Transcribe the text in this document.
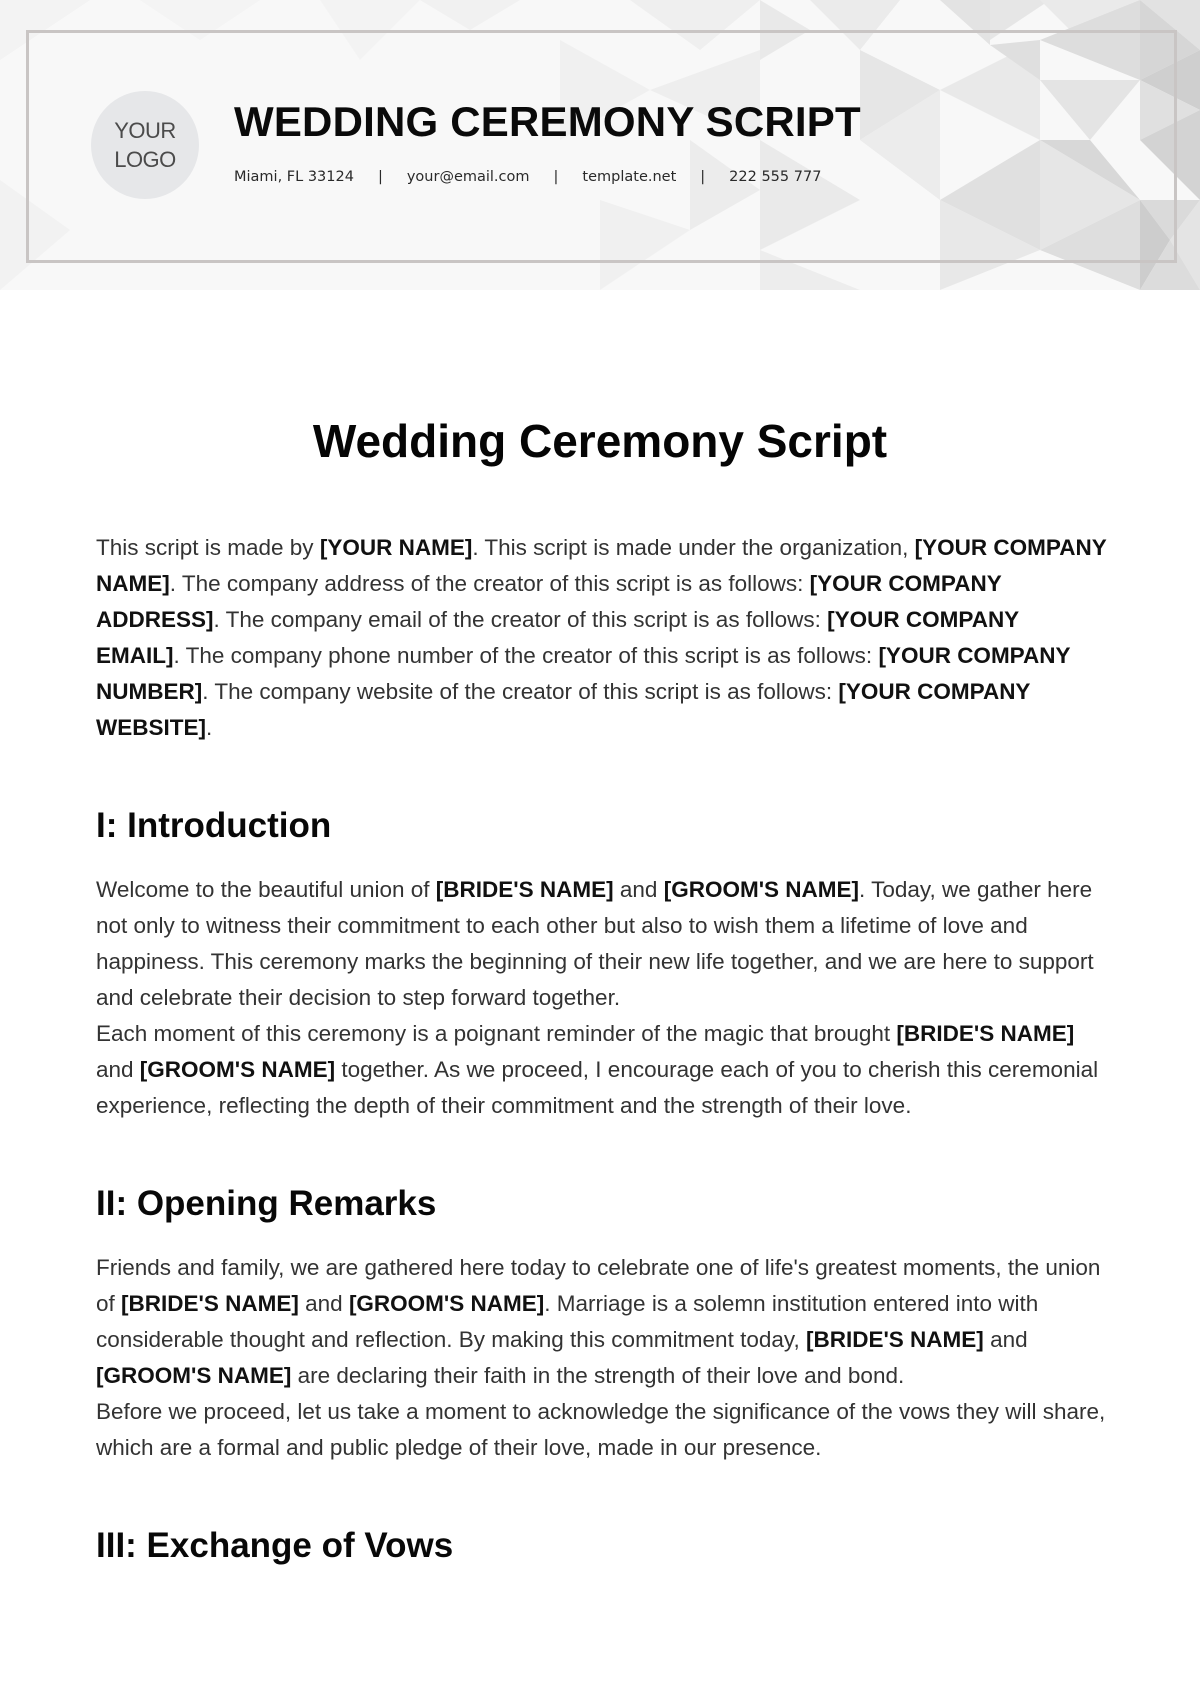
YOUR
LOGO
WEDDING CEREMONY SCRIPT
Miami, FL 33124 | your@email.com | template.net | 222 555 777
Wedding Ceremony Script

This script is made by [YOUR NAME]. This script is made under the organization, [YOUR COMPANY NAME]. The company address of the creator of this script is as follows: [YOUR COMPANY ADDRESS]. The company email of the creator of this script is as follows: [YOUR COMPANY EMAIL]. The company phone number of the creator of this script is as follows: [YOUR COMPANY NUMBER]. The company website of the creator of this script is as follows: [YOUR COMPANY WEBSITE].

I: Introduction

Welcome to the beautiful union of [BRIDE'S NAME] and [GROOM'S NAME]. Today, we gather here not only to witness their commitment to each other but also to wish them a lifetime of love and happiness. This ceremony marks the beginning of their new life together, and we are here to support and celebrate their decision to step forward together.

Each moment of this ceremony is a poignant reminder of the magic that brought [BRIDE'S NAME] and [GROOM'S NAME] together. As we proceed, I encourage each of you to cherish this ceremonial experience, reflecting the depth of their commitment and the strength of their love.

II: Opening Remarks

Friends and family, we are gathered here today to celebrate one of life's greatest moments, the union of [BRIDE'S NAME] and [GROOM'S NAME]. Marriage is a solemn institution entered into with considerable thought and reflection. By making this commitment today, [BRIDE'S NAME] and [GROOM'S NAME] are declaring their faith in the strength of their love and bond.

Before we proceed, let us take a moment to acknowledge the significance of the vows they will share, which are a formal and public pledge of their love, made in our presence.

III: Exchange of Vows
